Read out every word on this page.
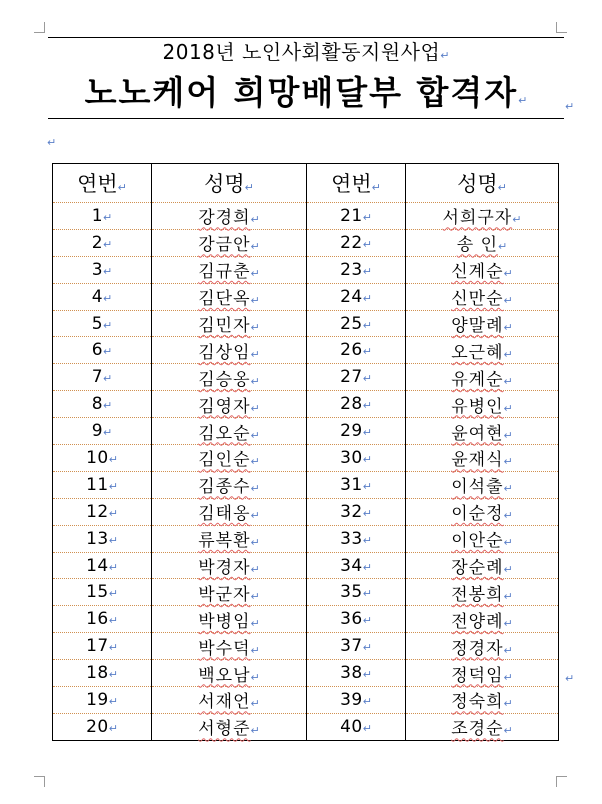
2018년 노인사회활동지원사업↵
노노케어 희망배달부 합격자↵	↵
↵
연번↵	성명↵	연번↵	성명↵
1↵	강경희↵	21↵	서희구자↵
2↵	강금안↵	22↵	송 인↵
3↵	김규춘↵	23↵	신계순↵
4↵	김단옥↵	24↵	신만순↵
5↵	김민자↵	25↵	양말례↵
6↵	김상임↵	26↵	오근혜↵
7↵	김승옹↵	27↵	유계순↵
8↵	김영자↵	28↵	유병인↵
9↵	김오순↵	29↵	윤여현↵
10↵	김인순↵	30↵	윤재식↵
11↵	김종수↵	31↵	이석출↵
12↵	김태옹↵	32↵	이순정↵
13↵	류복환↵	33↵	이안순↵
14↵	박경자↵	34↵	장순례↵
15↵	박군자↵	35↵	전봉희↵
16↵	박병임↵	36↵	전양례↵
17↵	박수덕↵	37↵	정경자↵
18↵	백오남↵	38↵	정덕임↵
19↵	서재언↵	39↵	정숙희↵
20↵	서형준↵	40↵	조경순↵
↵
